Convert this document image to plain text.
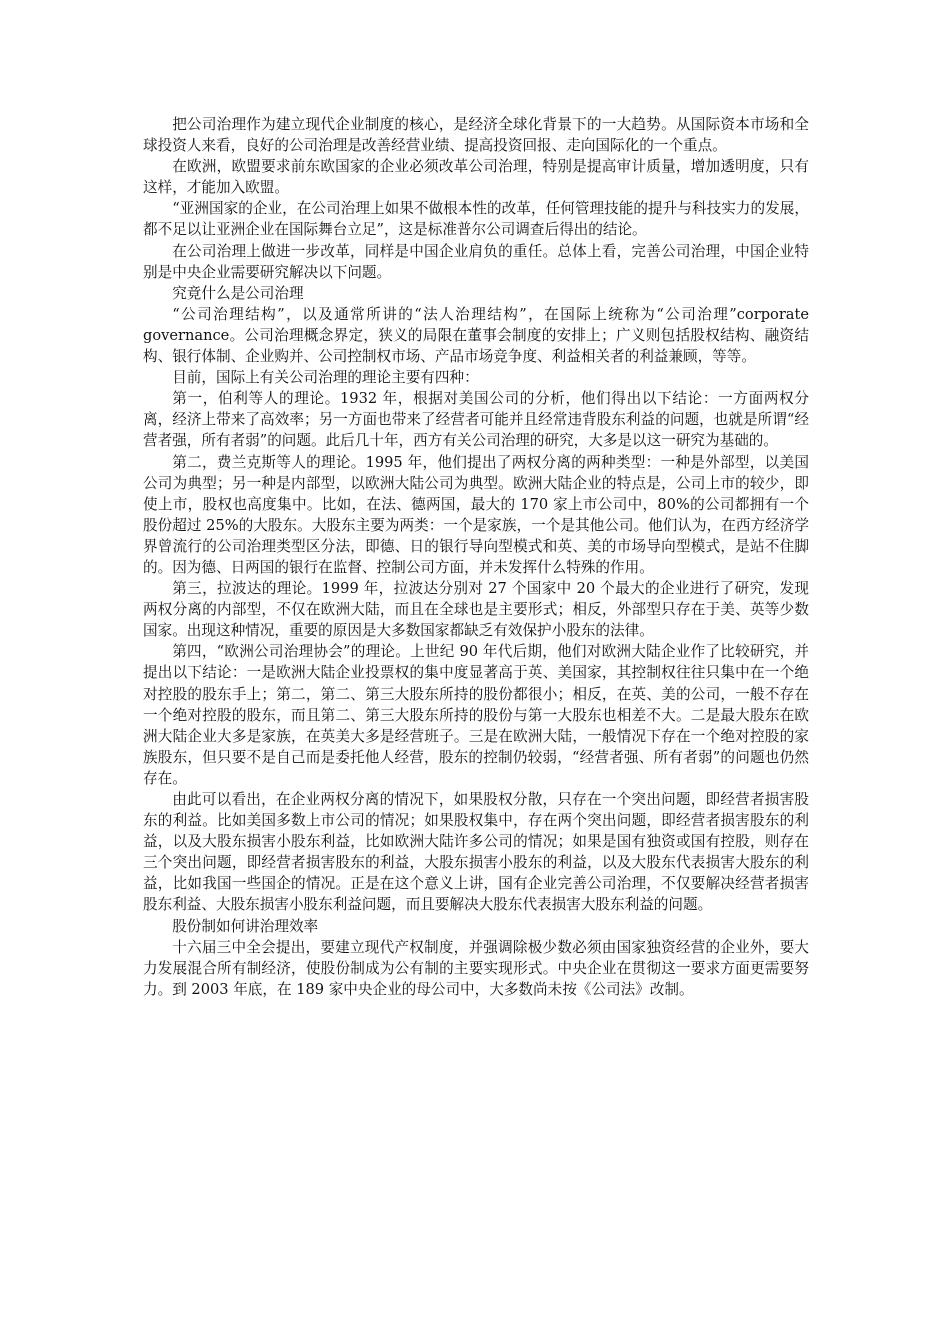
把公司治理作为建立现代企业制度的核心，是经济全球化背景下的一大趋势。从国际资本市场和全球投资人来看，良好的公司治理是改善经营业绩、提高投资回报、走向国际化的一个重点。

在欧洲，欧盟要求前东欧国家的企业必须改革公司治理，特别是提高审计质量，增加透明度，只有这样，才能加入欧盟。

“亚洲国家的企业，在公司治理上如果不做根本性的改革，任何管理技能的提升与科技实力的发展，都不足以让亚洲企业在国际舞台立足”，这是标准普尔公司调查后得出的结论。

在公司治理上做进一步改革，同样是中国企业肩负的重任。总体上看，完善公司治理，中国企业特别是中央企业需要研究解决以下问题。

究竟什么是公司治理

“公司治理结构”，以及通常所讲的“法人治理结构”，在国际上统称为“公司治理”corporate governance。公司治理概念界定，狭义的局限在董事会制度的安排上；广义则包括股权结构、融资结构、银行体制、企业购并、公司控制权市场、产品市场竞争度、利益相关者的利益兼顾，等等。

目前，国际上有关公司治理的理论主要有四种：

第一，伯利等人的理论。1932 年，根据对美国公司的分析，他们得出以下结论：一方面两权分离，经济上带来了高效率；另一方面也带来了经营者可能并且经常违背股东利益的问题，也就是所谓“经营者强，所有者弱”的问题。此后几十年，西方有关公司治理的研究，大多是以这一研究为基础的。

第二，费兰克斯等人的理论。1995 年，他们提出了两权分离的两种类型：一种是外部型，以美国公司为典型；另一种是内部型，以欧洲大陆公司为典型。欧洲大陆企业的特点是，公司上市的较少，即使上市，股权也高度集中。比如，在法、德两国，最大的 170 家上市公司中，80%的公司都拥有一个股份超过 25%的大股东。大股东主要为两类：一个是家族，一个是其他公司。他们认为，在西方经济学界曾流行的公司治理类型区分法，即德、日的银行导向型模式和英、美的市场导向型模式，是站不住脚的。因为德、日两国的银行在监督、控制公司方面，并未发挥什么特殊的作用。

第三，拉波达的理论。1999 年，拉波达分别对 27 个国家中 20 个最大的企业进行了研究，发现两权分离的内部型，不仅在欧洲大陆，而且在全球也是主要形式；相反，外部型只存在于美、英等少数国家。出现这种情况，重要的原因是大多数国家都缺乏有效保护小股东的法律。

第四，“欧洲公司治理协会”的理论。上世纪 90 年代后期，他们对欧洲大陆企业作了比较研究，并提出以下结论：一是欧洲大陆企业投票权的集中度显著高于英、美国家，其控制权往往只集中在一个绝对控股的股东手上；第二，第二、第三大股东所持的股份都很小；相反，在英、美的公司，一般不存在一个绝对控股的股东，而且第二、第三大股东所持的股份与第一大股东也相差不大。二是最大股东在欧洲大陆企业大多是家族，在英美大多是经营班子。三是在欧洲大陆，一般情况下存在一个绝对控股的家族股东，但只要不是自己而是委托他人经营，股东的控制仍较弱，“经营者强、所有者弱”的问题也仍然存在。

由此可以看出，在企业两权分离的情况下，如果股权分散，只存在一个突出问题，即经营者损害股东的利益。比如美国多数上市公司的情况；如果股权集中，存在两个突出问题，即经营者损害股东的利益，以及大股东损害小股东利益，比如欧洲大陆许多公司的情况；如果是国有独资或国有控股，则存在三个突出问题，即经营者损害股东的利益，大股东损害小股东的利益，以及大股东代表损害大股东的利益，比如我国一些国企的情况。正是在这个意义上讲，国有企业完善公司治理，不仅要解决经营者损害股东利益、大股东损害小股东利益问题，而且要解决大股东代表损害大股东利益的问题。

股份制如何讲治理效率

十六届三中全会提出，要建立现代产权制度，并强调除极少数必须由国家独资经营的企业外，要大力发展混合所有制经济，使股份制成为公有制的主要实现形式。中央企业在贯彻这一要求方面更需要努力。到 2003 年底，在 189 家中央企业的母公司中，大多数尚未按《公司法》改制。
